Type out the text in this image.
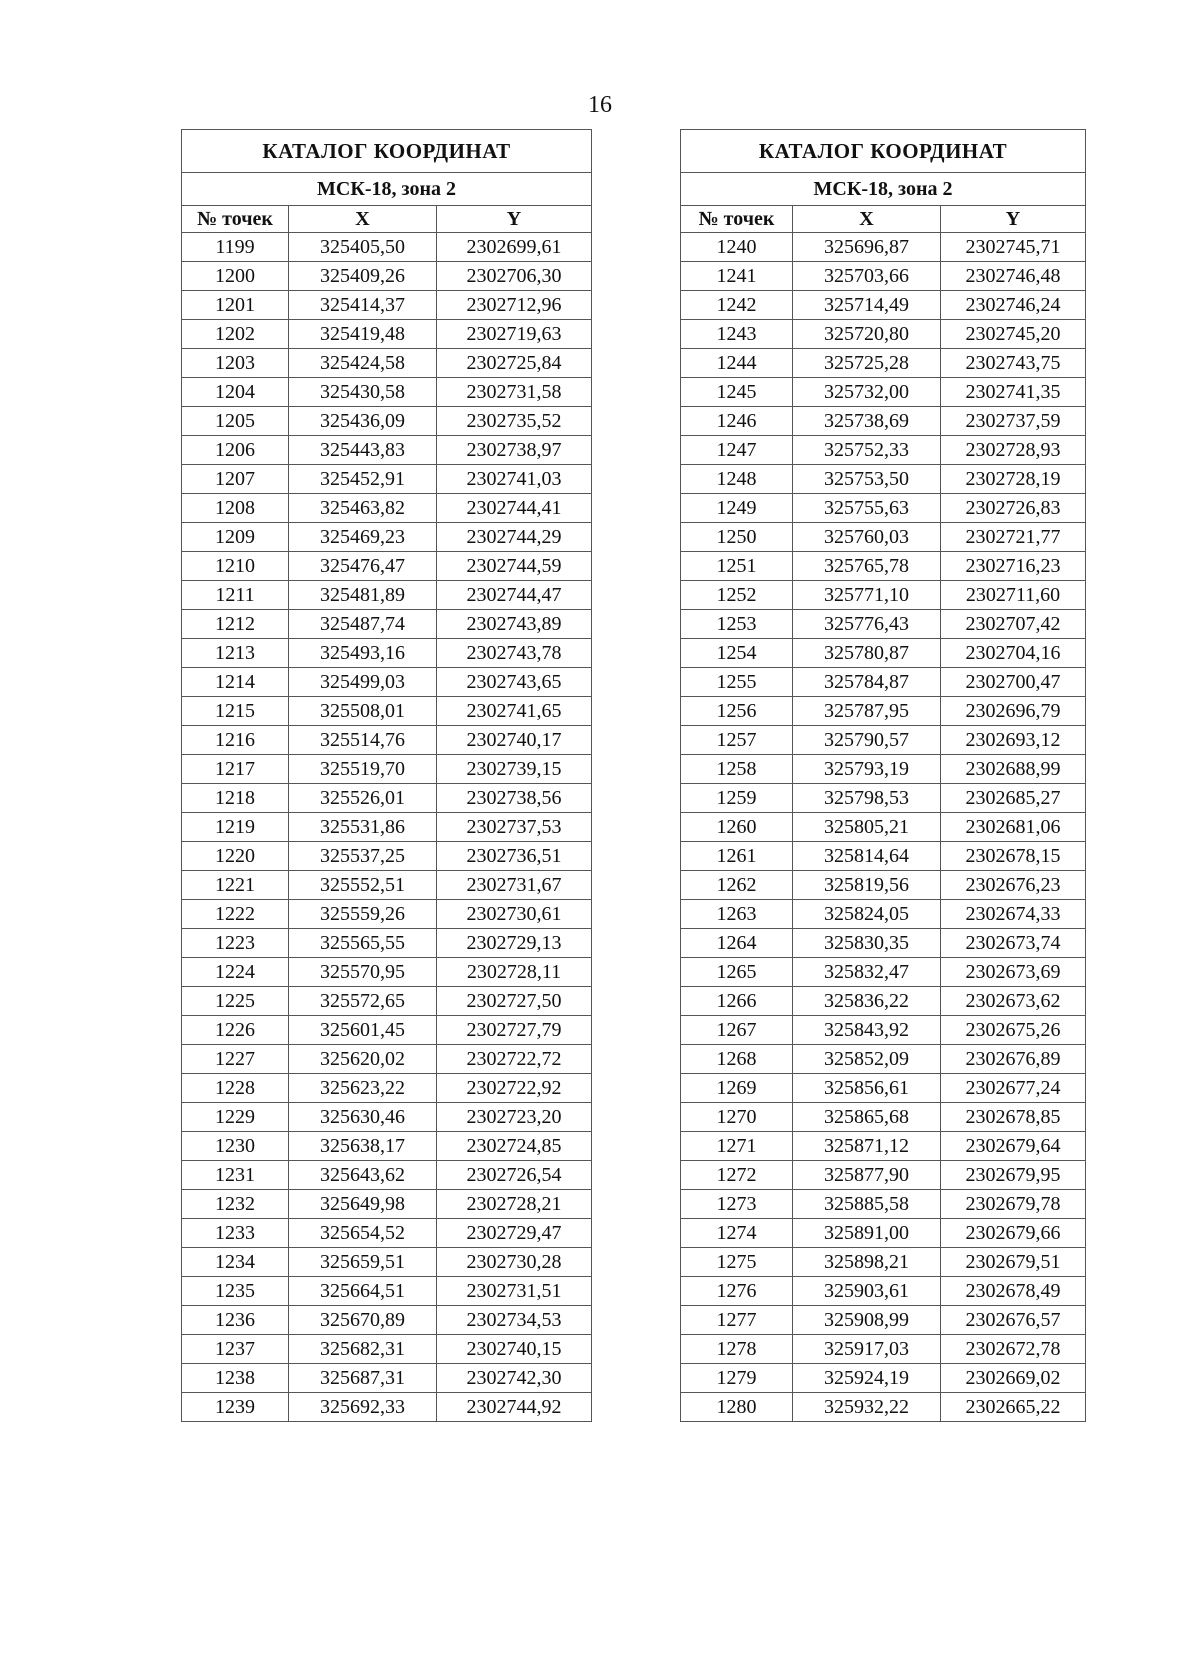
16
КАТАЛОГ КООРДИНАТ		
МСК-18, зона 2		
№ точек	X	Y
1199	325405,50	2302699,61
1200	325409,26	2302706,30
1201	325414,37	2302712,96
1202	325419,48	2302719,63
1203	325424,58	2302725,84
1204	325430,58	2302731,58
1205	325436,09	2302735,52
1206	325443,83	2302738,97
1207	325452,91	2302741,03
1208	325463,82	2302744,41
1209	325469,23	2302744,29
1210	325476,47	2302744,59
1211	325481,89	2302744,47
1212	325487,74	2302743,89
1213	325493,16	2302743,78
1214	325499,03	2302743,65
1215	325508,01	2302741,65
1216	325514,76	2302740,17
1217	325519,70	2302739,15
1218	325526,01	2302738,56
1219	325531,86	2302737,53
1220	325537,25	2302736,51
1221	325552,51	2302731,67
1222	325559,26	2302730,61
1223	325565,55	2302729,13
1224	325570,95	2302728,11
1225	325572,65	2302727,50
1226	325601,45	2302727,79
1227	325620,02	2302722,72
1228	325623,22	2302722,92
1229	325630,46	2302723,20
1230	325638,17	2302724,85
1231	325643,62	2302726,54
1232	325649,98	2302728,21
1233	325654,52	2302729,47
1234	325659,51	2302730,28
1235	325664,51	2302731,51
1236	325670,89	2302734,53
1237	325682,31	2302740,15
1238	325687,31	2302742,30
1239	325692,33	2302744,92
КАТАЛОГ КООРДИНАТ		
МСК-18, зона 2		
№ точек	X	Y
1240	325696,87	2302745,71
1241	325703,66	2302746,48
1242	325714,49	2302746,24
1243	325720,80	2302745,20
1244	325725,28	2302743,75
1245	325732,00	2302741,35
1246	325738,69	2302737,59
1247	325752,33	2302728,93
1248	325753,50	2302728,19
1249	325755,63	2302726,83
1250	325760,03	2302721,77
1251	325765,78	2302716,23
1252	325771,10	2302711,60
1253	325776,43	2302707,42
1254	325780,87	2302704,16
1255	325784,87	2302700,47
1256	325787,95	2302696,79
1257	325790,57	2302693,12
1258	325793,19	2302688,99
1259	325798,53	2302685,27
1260	325805,21	2302681,06
1261	325814,64	2302678,15
1262	325819,56	2302676,23
1263	325824,05	2302674,33
1264	325830,35	2302673,74
1265	325832,47	2302673,69
1266	325836,22	2302673,62
1267	325843,92	2302675,26
1268	325852,09	2302676,89
1269	325856,61	2302677,24
1270	325865,68	2302678,85
1271	325871,12	2302679,64
1272	325877,90	2302679,95
1273	325885,58	2302679,78
1274	325891,00	2302679,66
1275	325898,21	2302679,51
1276	325903,61	2302678,49
1277	325908,99	2302676,57
1278	325917,03	2302672,78
1279	325924,19	2302669,02
1280	325932,22	2302665,22
